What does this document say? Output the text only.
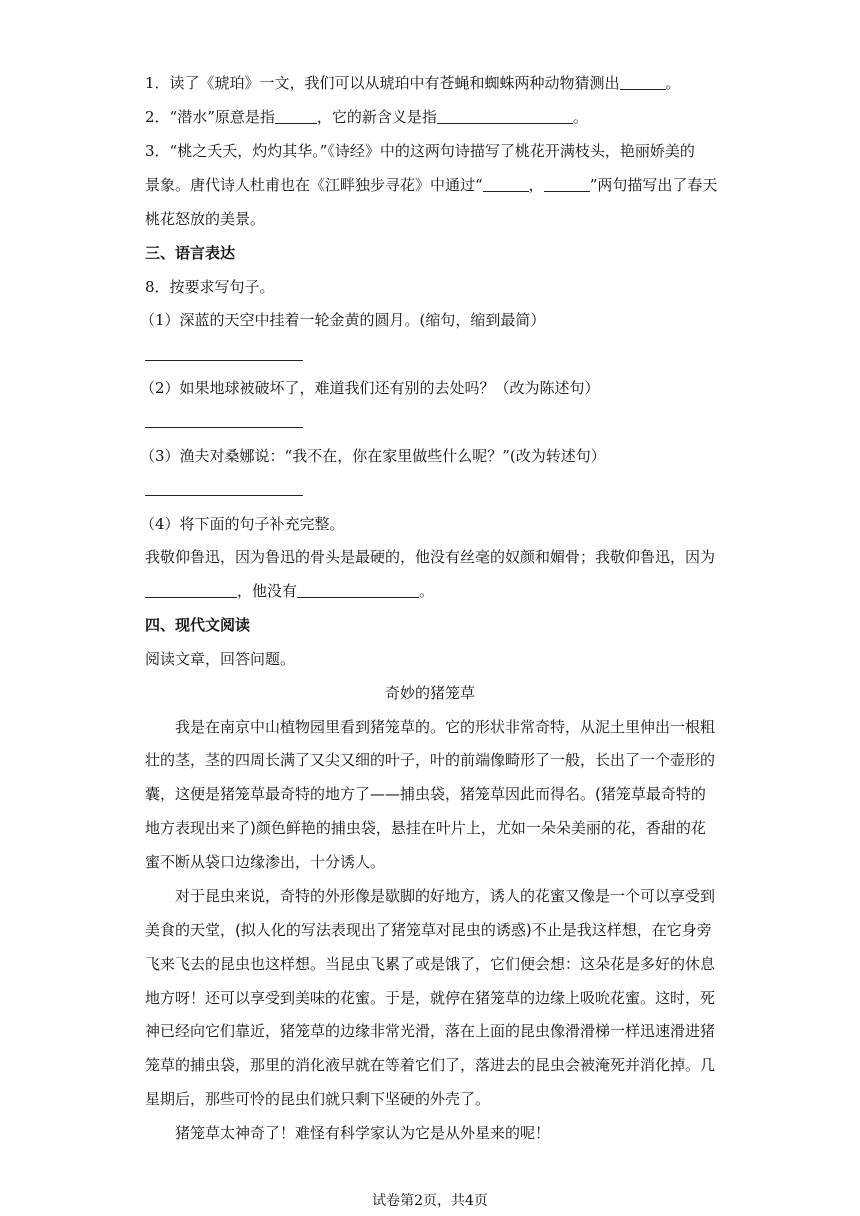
1．读了《琥珀》一文，我们可以从琥珀中有苍蝇和蜘蛛两种动物猜测出	。
2．“潜水”原意是指	，它的新含义是指	。
3．“桃之夭夭，灼灼其华。”《诗经》中的这两句诗描写了桃花开满枝头，艳丽娇美的
景象。唐代诗人杜甫也在《江畔独步寻花》中通过“	，	”两句描写出了春天
桃花怒放的美景。
三、语言表达
8．按要求写句子。
（1）深蓝的天空中挂着一轮金黄的圆月。(缩句，缩到最简）
（2）如果地球被破坏了，难道我们还有别的去处吗？（改为陈述句）
（3）渔夫对桑娜说：“我不在，你在家里做些什么呢？”(改为转述句）
（4）将下面的句子补充完整。
我敬仰鲁迅，因为鲁迅的骨头是最硬的，他没有丝毫的奴颜和媚骨；我敬仰鲁迅，因为
，他没有	。
四、现代文阅读
阅读文章，回答问题。
奇妙的猪笼草
　　我是在南京中山植物园里看到猪笼草的。它的形状非常奇特，从泥土里伸出一根粗
壮的茎，茎的四周长满了又尖又细的叶子，叶的前端像畸形了一般，长出了一个壶形的
囊，这便是猪笼草最奇特的地方了——捕虫袋，猪笼草因此而得名。(猪笼草最奇特的
地方表现出来了)颜色鲜艳的捕虫袋，悬挂在叶片上，尤如一朵朵美丽的花，香甜的花
蜜不断从袋口边缘渗出，十分诱人。
　　对于昆虫来说，奇特的外形像是歇脚的好地方，诱人的花蜜又像是一个可以享受到
美食的天堂，(拟人化的写法表现出了猪笼草对昆虫的诱惑)不止是我这样想，在它身旁
飞来飞去的昆虫也这样想。当昆虫飞累了或是饿了，它们便会想：这朵花是多好的休息
地方呀！还可以享受到美味的花蜜。于是，就停在猪笼草的边缘上吸吮花蜜。这时，死
神已经向它们靠近，猪笼草的边缘非常光滑，落在上面的昆虫像滑滑梯一样迅速滑进猪
笼草的捕虫袋，那里的消化液早就在等着它们了，落进去的昆虫会被淹死并消化掉。几
星期后，那些可怜的昆虫们就只剩下坚硬的外壳了。
　　猪笼草太神奇了！难怪有科学家认为它是从外星来的呢！
试卷第2页，共4页
